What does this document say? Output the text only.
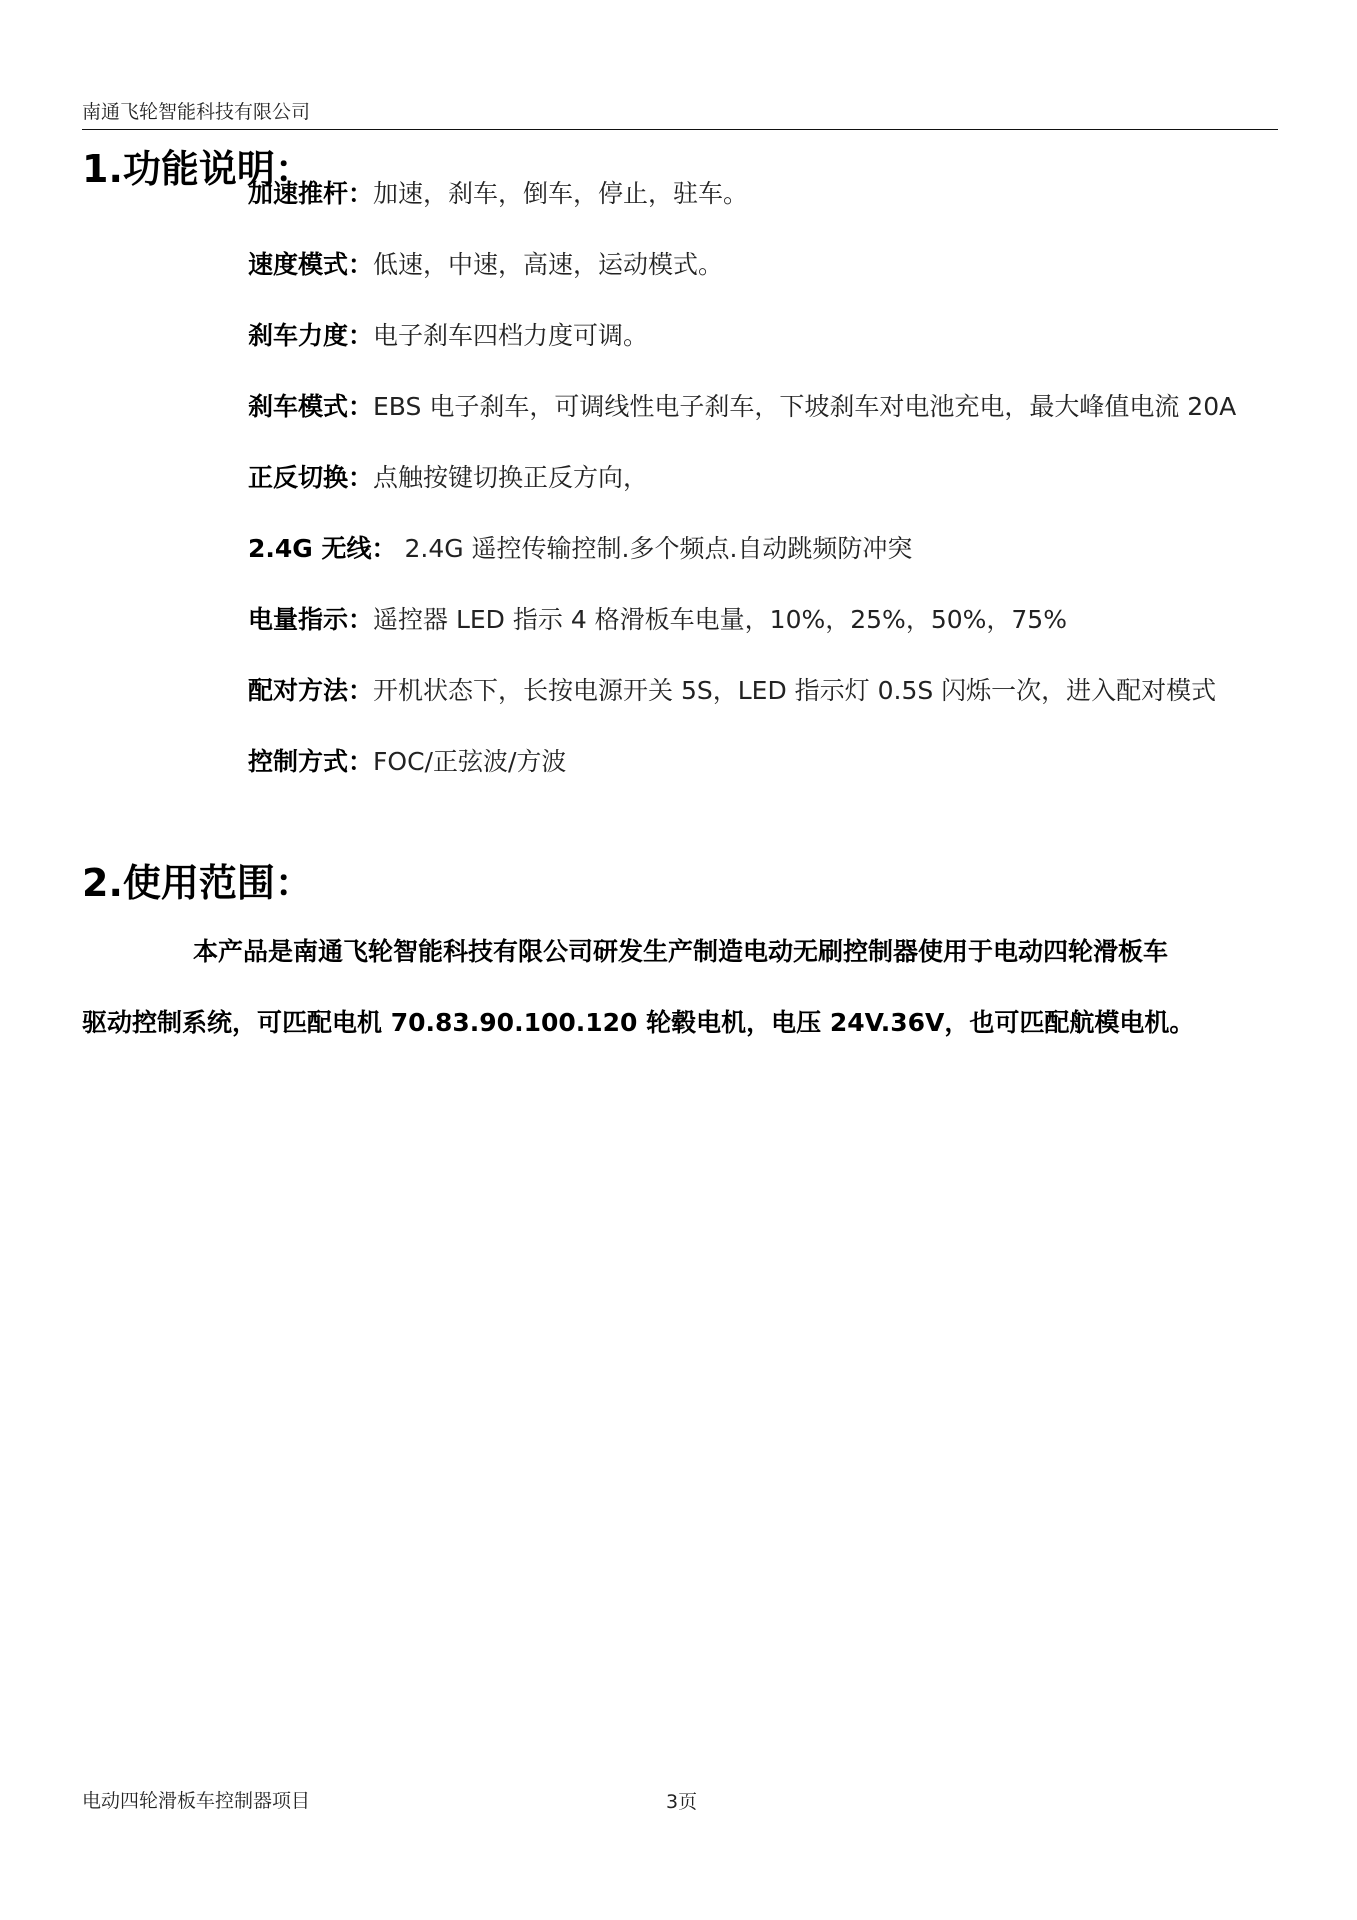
南通飞轮智能科技有限公司
1.功能说明：
加速推杆：加速，刹车，倒车，停止，驻车。
速度模式：低速，中速，高速，运动模式。
刹车力度：电子刹车四档力度可调。
刹车模式：EBS 电子刹车，可调线性电子刹车，下坡刹车对电池充电，最大峰值电流 20A
正反切换：点触按键切换正反方向，
2.4G 无线： 2.4G 遥控传输控制.多个频点.自动跳频防冲突
电量指示：遥控器 LED 指示 4 格滑板车电量，10%，25%，50%，75%
配对方法：开机状态下，长按电源开关 5S，LED 指示灯 0.5S 闪烁一次，进入配对模式
控制方式：FOC/正弦波/方波
2.使用范围：
本产品是南通飞轮智能科技有限公司研发生产制造电动无刷控制器使用于电动四轮滑板车
驱动控制系统，可匹配电机 70.83.90.100.120 轮毂电机，电压 24V.36V，也可匹配航模电机。
电动四轮滑板车控制器项目	3页
